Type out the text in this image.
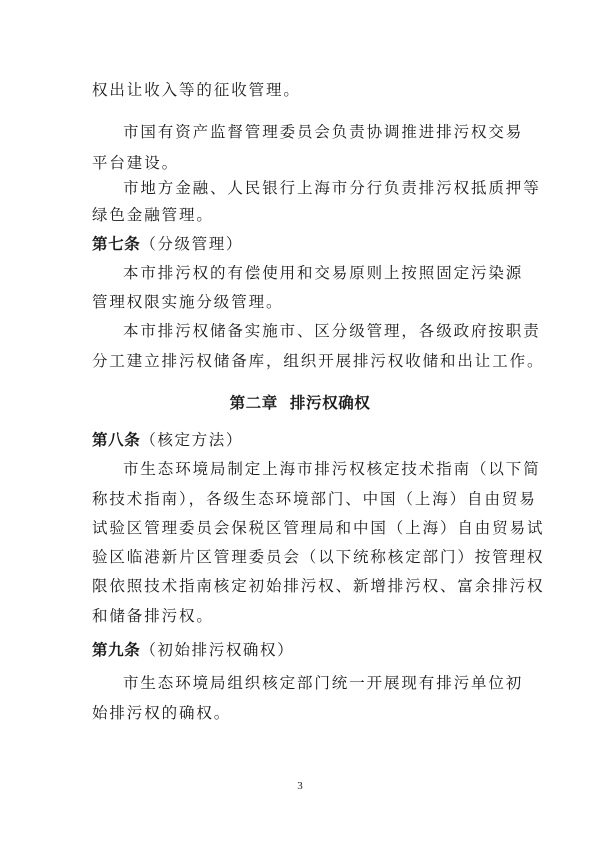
权出让收入等的征收管理。
市国有资产监督管理委员会负责协调推进排污权交易
平台建设。
市地方金融、人民银行上海市分行负责排污权抵质押等
绿色金融管理。
第七条（分级管理）
本市排污权的有偿使用和交易原则上按照固定污染源
管理权限实施分级管理。
本市排污权储备实施市、区分级管理，各级政府按职责
分工建立排污权储备库，组织开展排污权收储和出让工作。
第二章 排污权确权
第八条（核定方法）
市生态环境局制定上海市排污权核定技术指南（以下简
称技术指南），各级生态环境部门、中国（上海）自由贸易
试验区管理委员会保税区管理局和中国（上海）自由贸易试
验区临港新片区管理委员会（以下统称核定部门）按管理权
限依照技术指南核定初始排污权、新增排污权、富余排污权
和储备排污权。
第九条（初始排污权确权）
市生态环境局组织核定部门统一开展现有排污单位初
始排污权的确权。
3
